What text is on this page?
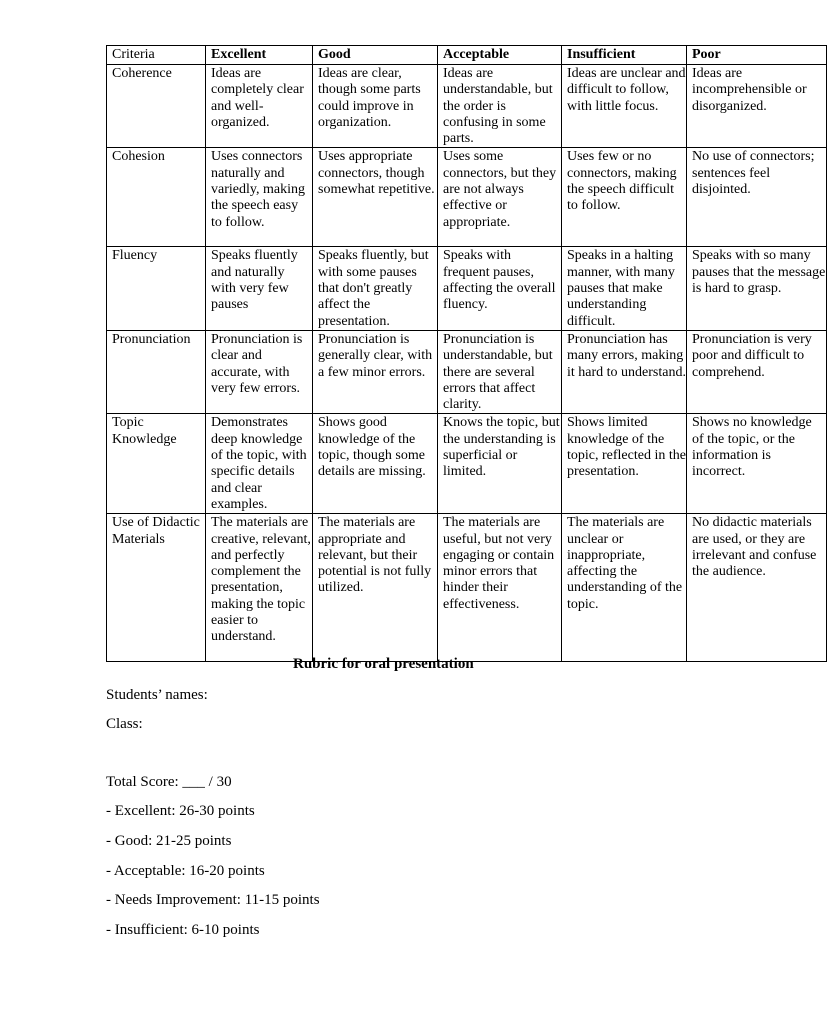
Criteria	Excellent	Good	Acceptable	Insufficient	Poor
Coherence	Ideas are completely clear and well-organized.	Ideas are clear, though some parts could improve in organization.	Ideas are understandable, but the order is confusing in some parts.	Ideas are unclear and difficult to follow, with little focus.	Ideas are incomprehensible or disorganized.
Cohesion	Uses connectors naturally and variedly, making the speech easy to follow.	Uses appropriate connectors, though somewhat repetitive.	Uses some connectors, but they are not always effective or appropriate.	Uses few or no connectors, making the speech difficult to follow.	No use of connectors; sentences feel disjointed.
Fluency	Speaks fluently and naturally with very few pauses	Speaks fluently, but with some pauses that don't greatly affect the presentation.	Speaks with frequent pauses, affecting the overall fluency.	Speaks in a halting manner, with many pauses that make understanding difficult.	Speaks with so many pauses that the message is hard to grasp.
Pronunciation	Pronunciation is clear and accurate, with very few errors.	Pronunciation is generally clear, with a few minor errors.	Pronunciation is understandable, but there are several errors that affect clarity.	Pronunciation has many errors, making it hard to understand.	Pronunciation is very poor and difficult to comprehend.
Topic Knowledge	Demonstrates deep knowledge of the topic, with specific details and clear examples.	Shows good knowledge of the topic, though some details are missing.	Knows the topic, but the understanding is superficial or limited.	Shows limited knowledge of the topic, reflected in the presentation.	Shows no knowledge of the topic, or the information is incorrect.
Use of Didactic Materials	The materials are creative, relevant, and perfectly complement the presentation, making the topic easier to understand.	The materials are appropriate and relevant, but their potential is not fully utilized.	The materials are useful, but not very engaging or contain minor errors that hinder their effectiveness.	The materials are unclear or inappropriate, affecting the understanding of the topic.	No didactic materials are used, or they are irrelevant and confuse the audience.
Rubric for oral presentation
Students’ names:
Class:
Total Score: ___ / 30
- Excellent: 26-30 points
- Good: 21-25 points
- Acceptable: 16-20 points
- Needs Improvement: 11-15 points
- Insufficient: 6-10 points
